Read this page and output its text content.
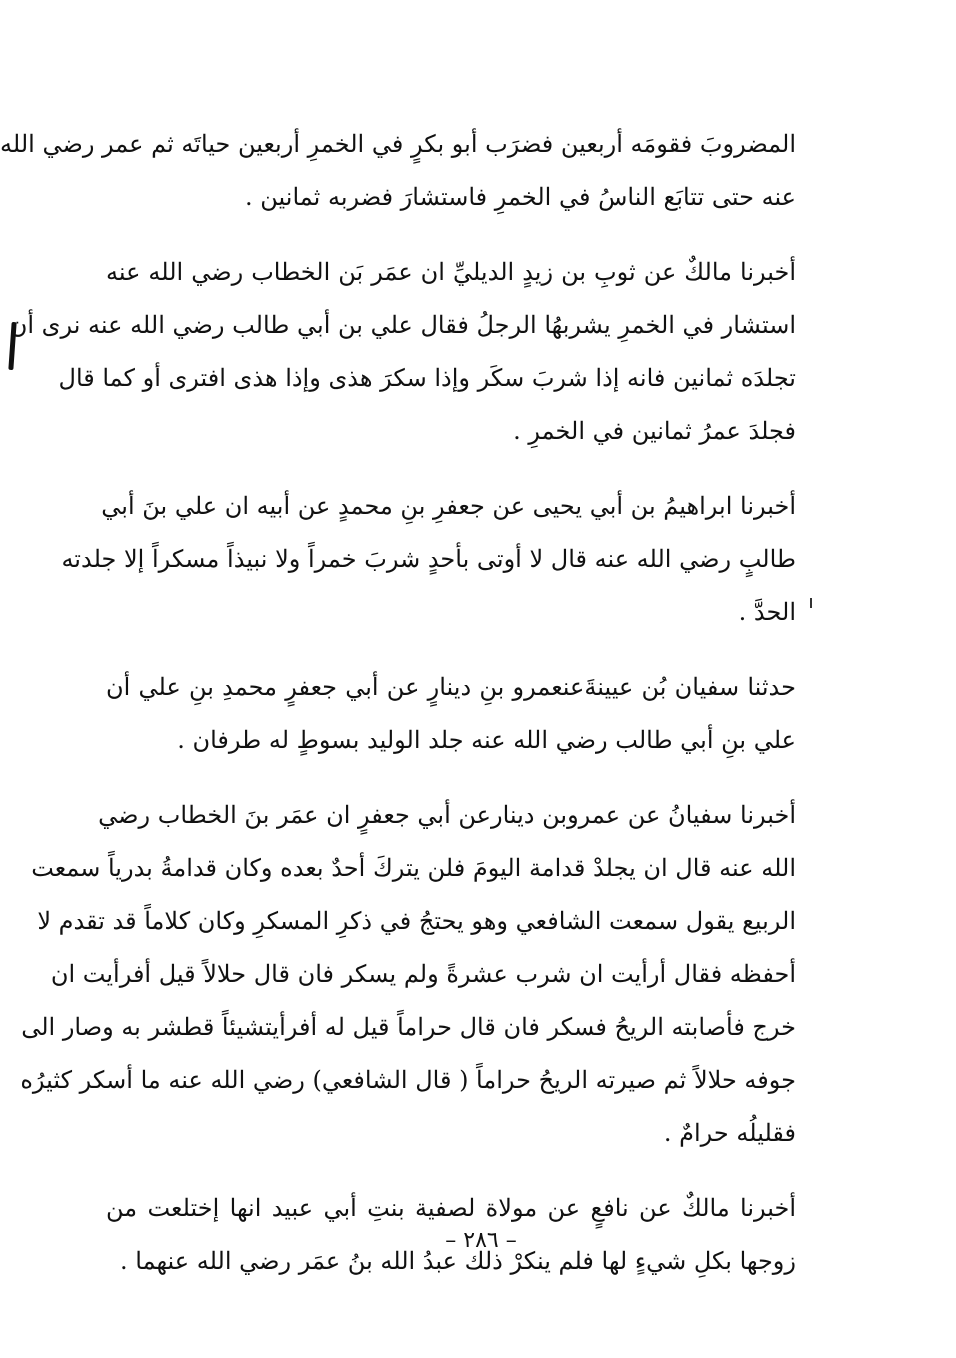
المضروبَ فقومَه أربعين فضرَب أبو بكرٍ في الخمرِ أربعين حياتَه ثم عمر رضي الله
عنه حتى تتابَع الناسُ في الخمرِ فاستشارَ فضربه ثمانين .
أخبرنا مالكٌ عن ثوبِ بن زيدٍ الديليِّ ان عمَر بَن الخطاب رضي الله عنه
استشار في الخمرِ يشربهُا الرجلُ فقال علي بن أبي طالب رضي الله عنه نرى أن
تجلدَه ثمانين فانه إذا شربَ سكَر وإذا سكرَ هذى وإذا هذى افترى أو كما قال
فجلدَ عمرُ ثمانين في الخمرِ .
أخبرنا ابراهيمُ بن أبي يحيى عن جعفرِ بنِ محمدٍ عن أبيه ان علي بنَ أبي
طالبٍ رضي الله عنه قال لا أوتى بأحدٍ شربَ خمراً ولا نبيذاً مسكراً إلا جلدته
الحدَّ .
حدثنا سفيان بُن عيينةَعنعمرو بنِ دينارٍ عن أبي جعفرٍ محمدِ بنِ علي أن
علي بنِ أبي طالب رضي الله عنه جلد الوليد بسوطٍ له طرفان .
أخبرنا سفيانُ عن عمروبن دينارعن أبي جعفرٍ ان عمَر بنَ الخطاب رضي
الله عنه قال ان يجلدْ قدامة اليومَ فلن يتركَ أحدٌ بعده وكان قدامةُ بدرياً سمعت
الربيع يقول سمعت الشافعي وهو يحتجُ في ذكرِ المسكرِ وكان كلاماً قد تقدم لا
أحفظه فقال أرأيت ان شرب عشرةً ولم يسكر فان قال حلالاً قيل أفرأيت ان
خرج فأصابته الريحُ فسكر فان قال حراماً قيل له أفرأيتشيئاً قطشر به وصار الى
جوفه حلالاً ثم صيرته الريحُ حراماً ( قال الشافعي) رضي الله عنه ما أسكر كثيرُه
فقليلُه حرامٌ .
أخبرنا مالكٌ عن نافعٍ عن مولاة لصفية بنتِ أبي عبيد انها إختلعت من
زوجها بكلِ شيءٍ لها فلم ينكرْ ذلك عبدُ الله بنُ عمَر رضي الله عنهما .
– ٢٨٦ –
